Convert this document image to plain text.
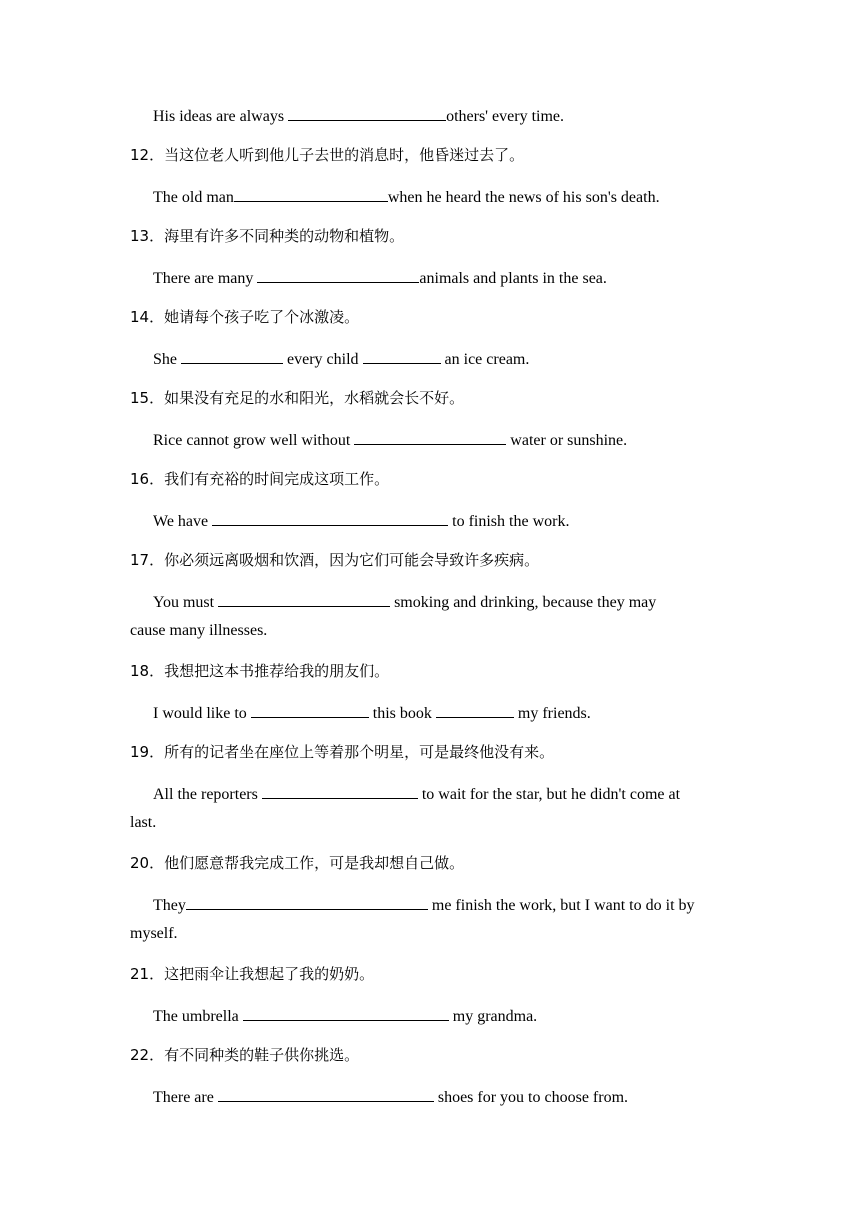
His ideas are always	others' every time.
12．当这位老人听到他儿子去世的消息时，他昏迷过去了。
The old man	when he heard the news of his son's death.
13．海里有许多不同种类的动物和植物。
There are many	animals and plants in the sea.
14．她请每个孩子吃了个冰激凌。
She	every child	an ice cream.
15．如果没有充足的水和阳光，水稻就会长不好。
Rice cannot grow well without	water or sunshine.
16．我们有充裕的时间完成这项工作。
We have	to finish the work.
17．你必须远离吸烟和饮酒，因为它们可能会导致许多疾病。
You must	smoking and drinking, because they may
cause many illnesses.
18．我想把这本书推荐给我的朋友们。
I would like to	this book	my friends.
19．所有的记者坐在座位上等着那个明星，可是最终他没有来。
All the reporters	to wait for the star, but he didn't come at
last.
20．他们愿意帮我完成工作，可是我却想自己做。
They	me finish the work, but I want to do it by
myself.
21．这把雨伞让我想起了我的奶奶。
The umbrella	my grandma.
22．有不同种类的鞋子供你挑选。
There are	shoes for you to choose from.
